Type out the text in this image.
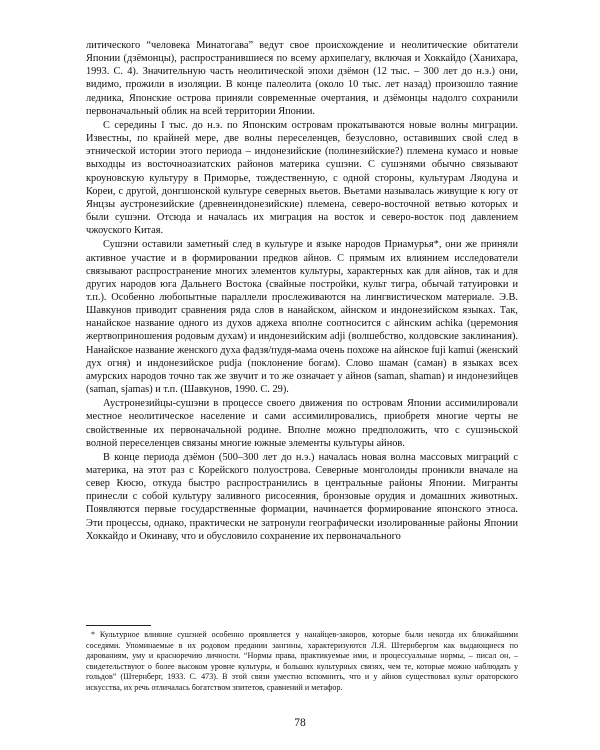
литического “человека Минатогава” ведут свое происхождение и неолитические обитатели Японии (дзёмонцы), распространившиеся по всему архипелагу, включая и Хоккайдо (Ханихара, 1993. С. 4). Значительную часть неолитической эпохи дзёмон (12 тыс. – 300 лет до н.э.) они, видимо, прожили в изоляции. В конце палеолита (около 10 тыс. лет назад) произошло таяние ледника, Японские острова приняли современные очертания, и дзёмонцы надолго сохранили первоначальный облик на всей территории Японии.

С середины I тыс. до н.э. по Японским островам прокатываются новые волны миграции. Известны, по крайней мере, две волны переселенцев, безусловно, оставивших свой след в этнической истории этого периода – индонезийские (полинезийские?) племена кумасо и новые выходцы из восточноазиатских районов материка сушэни. С сушэнями обычно связывают кроуновскую культуру в Приморье, тождественную, с одной стороны, культурам Ляодуна и Кореи, с другой, донгшонской культуре северных вьетов. Вьетами называлась живущие к югу от Янцзы аустронезийские (древнеиндонезийские) племена, северо-восточной ветвью которых и были сушэни. Отсюда и началась их миграция на восток и северо-восток под давлением чжоуского Китая.

Сушэни оставили заметный след в культуре и языке народов Приамурья*, они же приняли активное участие и в формировании предков айнов. С прямым их влиянием исследователи связывают распространение многих элементов культуры, характерных как для айнов, так и для других народов юга Дальнего Востока (свайные постройки, культ тигра, обычай татуировки и т.п.). Особенно любопытные параллели прослеживаются на лингвистическом материале. Э.В. Шавкунов приводит сравнения ряда слов в нанайском, айнском и индонезийском языках. Так, нанайское название одного из духов аджеха вполне соотносится с айнским achika (церемония жертвоприношения родовым духам) и индонезийским adji (волшебство, колдовские заклинания). Нанайское название женского духа фадзя/пудя-мама очень похоже на айнское fuji kamui (женский дух огня) и индонезийское pudja (поклонение богам). Слово шаман (саман) в языках всех амурских народов точно так же звучит и то же означает у айнов (saman, shaman) и индонезийцев (saman, sjamas) и т.п. (Шавкунов, 1990. С. 29).

Аустронезийцы-сушэни в процессе своего движения по островам Японии ассимилировали местное неолитическое население и сами ассимилировались, приобретя многие черты не свойственные их первоначальной родине. Вполне можно предположить, что с сушэньской волной переселенцев связаны многие южные элементы культуры айнов.

В конце периода дзёмон (500–300 лет до н.э.) началась новая волна массовых миграций с материка, на этот раз с Корейского полуострова. Северные монголоиды проникли вначале на север Кюсю, откуда быстро распространились в центральные районы Японии. Мигранты принесли с собой культуру заливного рисосеяния, бронзовые орудия и домашних животных. Появляются первые государственные формации, начинается формирование японского этноса. Эти процессы, однако, практически не затронули географически изолированные районы Японии Хоккайдо и Окинаву, что и обусловило сохранение их первоначального

* Культурное влияние сушэней особенно проявляется у нанайцев-закоров, которые были некогда их ближайшими соседями. Упоминаемые в их родовом предании зангины, характеризуются Л.Я. Штернбергом как выдающиеся по дарованиям, уму и красноречию личности. “Нормы права, практикуемые ими, и процессуальные нормы, – писал он, – свидетельствуют о более высоком уровне культуры, и больших культурных связях, чем те, которые можно наблюдать у гольдов” (Штернберг, 1933. С. 473). В этой связи уместно вспомнить, что и у айнов существовал культ ораторского искусства, их речь отличалась богатством эпитетов, сравнений и метафор.

78
